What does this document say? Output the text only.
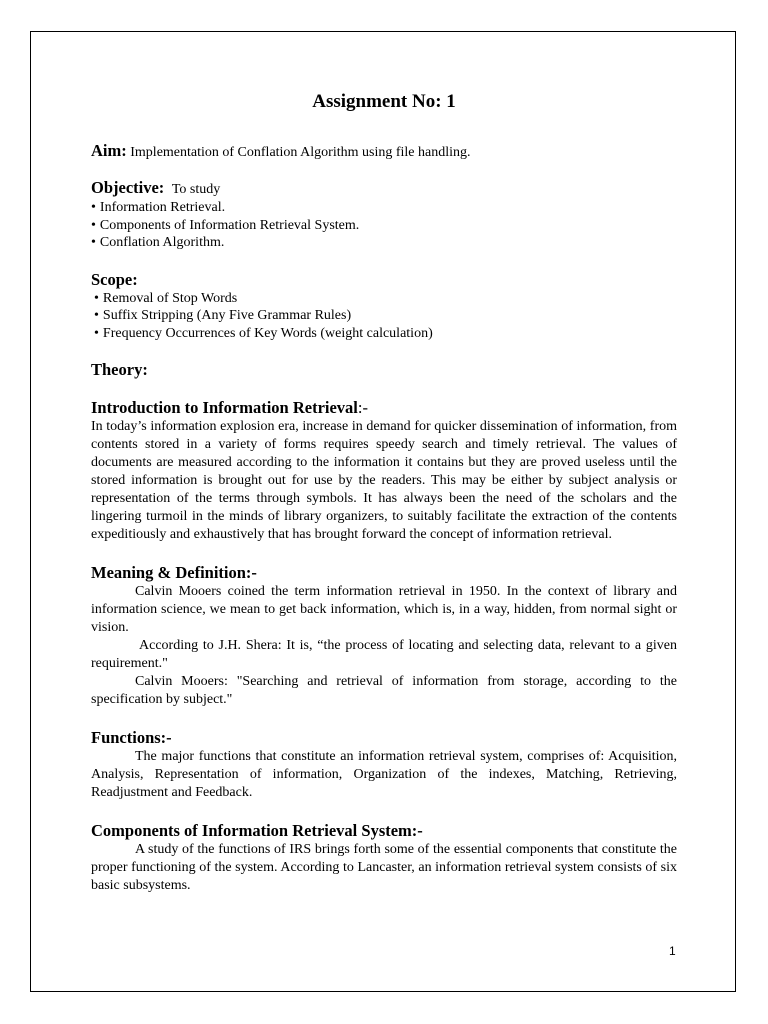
Assignment No: 1

Aim: Implementation of Conflation Algorithm using file handling.
Objective: To study
• Information Retrieval.
• Components of Information Retrieval System.
• Conflation Algorithm.
Scope:
• Removal of Stop Words
• Suffix Stripping (Any Five Grammar Rules)
• Frequency Occurrences of Key Words (weight calculation)
Theory:
Introduction to Information Retrieval:-

In today’s information explosion era, increase in demand for quicker dissemination of information, from contents stored in a variety of forms requires speedy search and timely retrieval. The values of documents are measured according to the information it contains but they are proved useless until the stored information is brought out for use by the readers. This may be either by subject analysis or representation of the terms through symbols. It has always been the need of the scholars and the lingering turmoil in the minds of library organizers, to suitably facilitate the extraction of the contents expeditiously and exhaustively that has brought forward the concept of information retrieval.

Meaning & Definition:-

Calvin Mooers coined the term information retrieval in 1950. In the context of library and information science, we mean to get back information, which is, in a way, hidden, from normal sight or vision.

According to J.H. Shera: It is, “the process of locating and selecting data, relevant to a given requirement."

Calvin Mooers: "Searching and retrieval of information from storage, according to the specification by subject."

Functions:-

The major functions that constitute an information retrieval system, comprises of: Acquisition, Analysis, Representation of information, Organization of the indexes, Matching, Retrieving, Readjustment and Feedback.

Components of Information Retrieval System:-

A study of the functions of IRS brings forth some of the essential components that constitute the proper functioning of the system. According to Lancaster, an information retrieval system consists of six basic subsystems.

1
